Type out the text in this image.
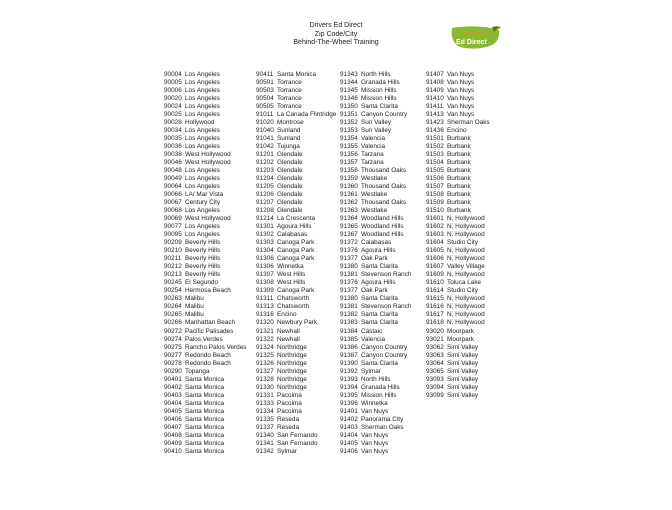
Drivers Ed Direct
Zip Code/City
Behind-The-Wheel Training
Drivers
Ed Direct
90004 Los Angeles
90005 Los Angeles
90006 Los Angeles
90020 Los Angeles
90024 Los Angeles
90025 Los Angeles
90028 Hollywood
90034 Los Angeles
90035 Los Angeles
90036 Los Angeles
90038 West Hollywood
90046 West Hollywood
90048 Los Angeles
90049 Los Angeles
90064 Los Angeles
90066 LA/ Mar Vista
90067 Century City
90068 Los Angeles
90069 West Hollywood
90077 Los Angeles
90095 Los Angeles
90209 Beverly Hills
90210 Beverly Hills
90211 Beverly Hills
90212 Beverly Hills
90213 Beverly Hills
90245 El Segundo
90254 Hermosa Beach
90263 Malibu
90264 Malibu
90265 Malibu
90266 Manhattan Beach
90272 Pacific Palisades
90274 Palos Verdes
90275 Rancho Palos Verdes
90277 Redondo Beach
90278 Redondo Beach
90290 Topanga
90401 Santa Monica
90402 Santa Monica
90403 Santa Monica
90404 Santa Monica
90405 Santa Monica
90406 Santa Monica
90407 Santa Monica
90408 Santa Monica
90409 Santa Monica
90410 Santa Monica
90411 Santa Monica
90501 Torrance
90503 Torrance
90504 Torrance
90505 Torrance
91011 La Canada Flintridge
91020 Montrose
91040 Sunland
91041 Sunland
91042 Tujunga
91201 Glendale
91202 Glendale
91203 Glendale
91204 Glendale
91205 Glendale
91206 Glendale
91207 Glendale
91208 Glendale
91214 La Crescenta
91301 Agoura Hills
91302 Calabasas
91303 Canoga Park
91304 Canoga Park
91306 Canoga Park
91306 Winnetka
91307 West Hills
91308 West Hills
91309 Canoga Park
91311 Chatsworth
91313 Chatsworth
91316 Encino
91320 Newbury Park
91321 Newhall
91322 Newhall
91324 Northridge
91325 Northridge
91326 Northridge
91327 Northridge
91328 Northridge
91330 Northridge
91331 Pacoima
91333 Pacoima
91334 Pacoima
91335 Reseda
91337 Reseda
91340 San Fernando
91341 San Fernando
91342 Sylmar
91343 North Hills
91344 Granada Hills
91345 Mission Hills
91346 Mission Hills
91350 Santa Clarita
91351 Canyon Country
91352 Sun Valley
91353 Sun Valley
91354 Valencia
91355 Valencia
91356 Tarzana
91357 Tarzana
91358 Thousand Oaks
91359 Westlake
91360 Thousand Oaks
91361 Westlake
91362 Thousand Oaks
91363 Westlake
91364 Woodland Hills
91365 Woodland Hills
91367 Woodland Hills
91372 Calabasas
91376 Agoura Hills
91377 Oak Park
91380 Santa Clarita
91381 Stevenson Ranch
91376 Agoura Hills
91377 Oak Park
91380 Santa Clarita
91381 Stevenson Ranch
91382 Santa Clarita
91383 Santa Clarita
91384 Castaic
91385 Valencia
91386 Canyon Country
91387 Canyon Country
91390 Santa Clarita
91392 Sylmar
91393 North Hills
91394 Granada Hills
91395 Mission Hills
91396 Winnetka
91401 Van Nuys
91402 Panorama City
91403 Sherman Oaks
91404 Van Nuys
91405 Van Nuys
91406 Van Nuys
91407 Van Nuys
91408 Van Nuys
91409 Van Nuys
91410 Van Nuys
91411 Van Nuys
91413 Van Nuys
91423 Sherman Oaks
91436 Encino
91501 Burbank
91502 Burbank
91503 Burbank
91504 Burbank
91505 Burbank
91506 Burbank
91507 Burbank
91508 Burbank
91509 Burbank
91510 Burbank
91601 N. Hollywood
91602 N. Hollywood
91603 N. Hollywood
91604 Studio City
91605 N. Hollywood
91606 N. Hollywood
91607 Valley Village
91609 N. Hollywood
91610 Toluca Lake
91614 Studio City
91615 N. Hollywood
91616 N. Hollywood
91617 N. Hollywood
91618 N. Hollywood
93020 Moorpark
93021 Moorpark
93062 Simi Valley
93063 Simi Valley
93064 Simi Valley
93065 Simi Valley
93093 Simi Valley
93094 Simi Valley
93099 Simi Valley
